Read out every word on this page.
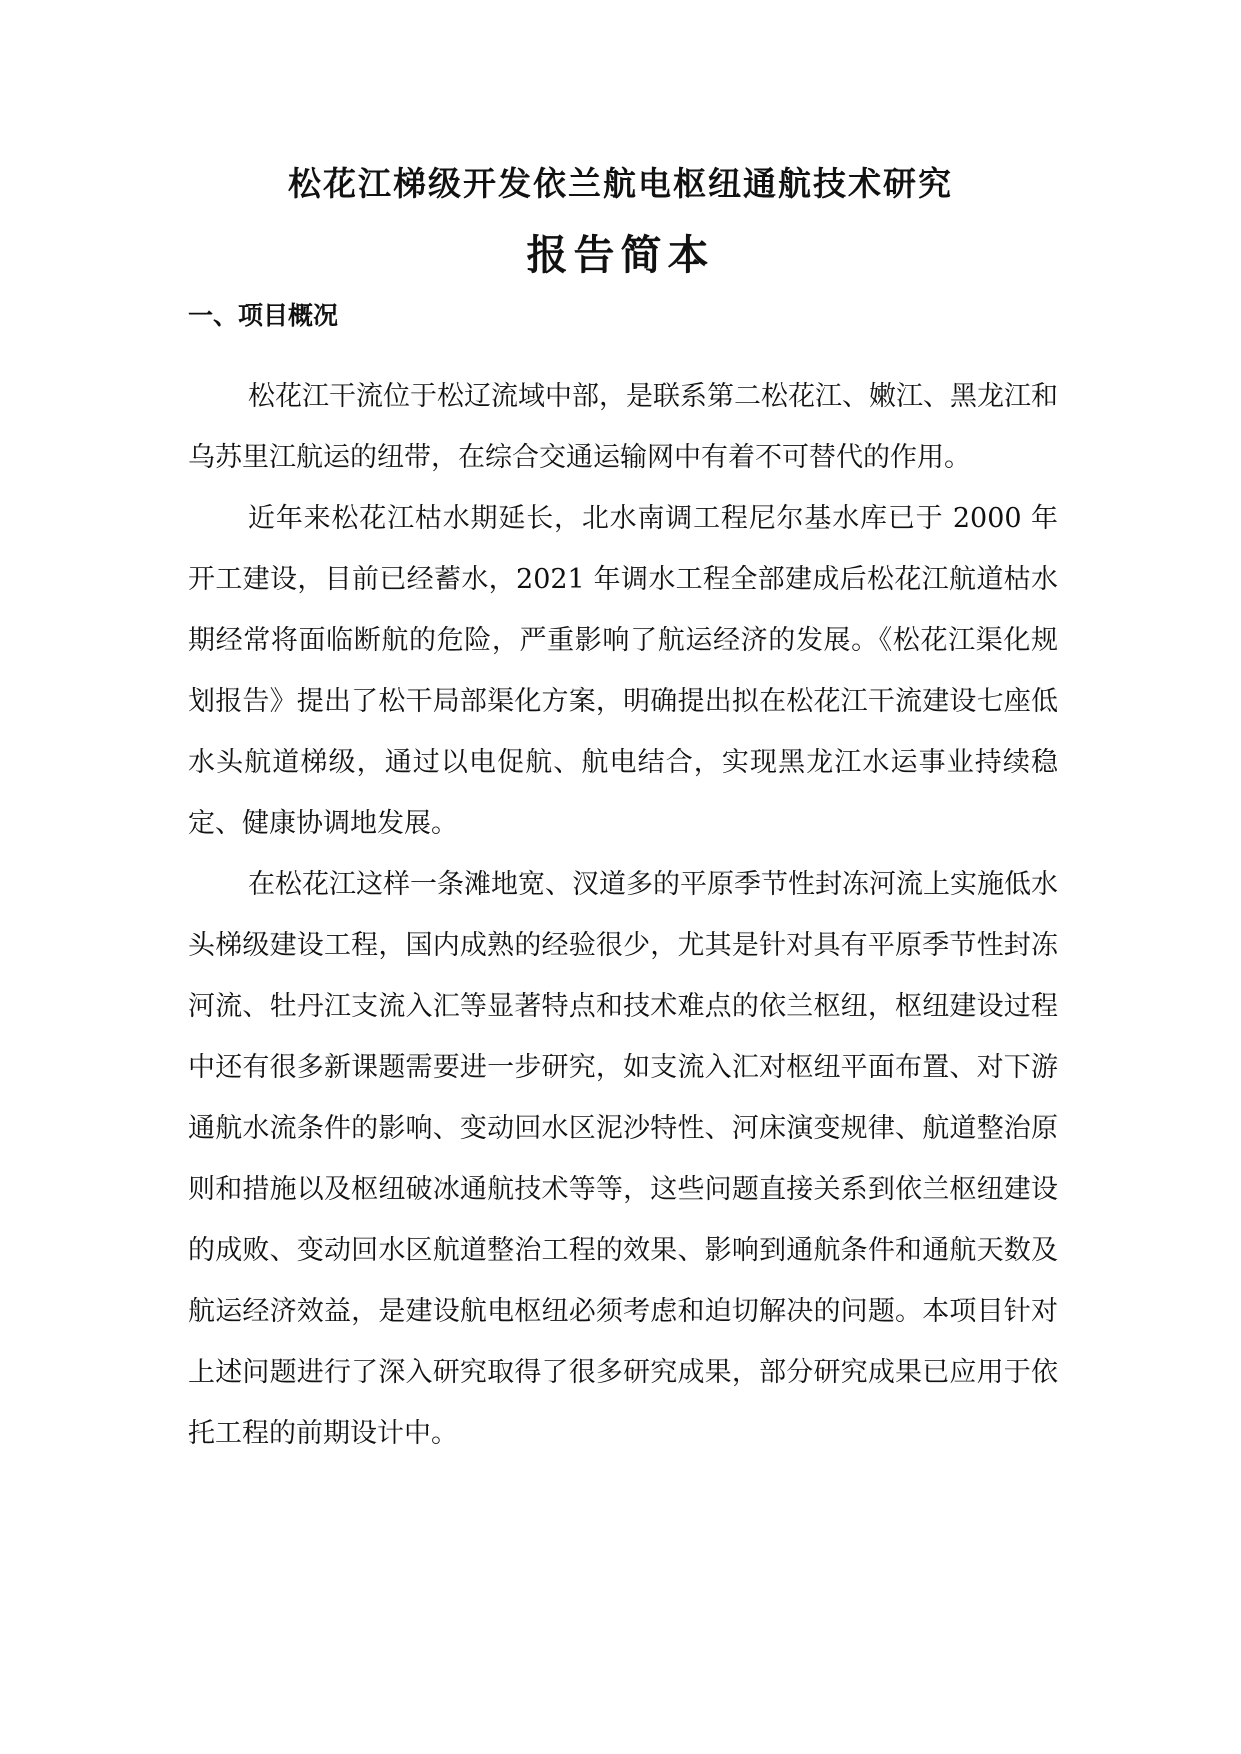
松花江梯级开发依兰航电枢纽通航技术研究
报告简本
一、项目概况

松花江干流位于松辽流域中部，是联系第二松花江、嫩江、黑龙江和乌苏里江航运的纽带，在综合交通运输网中有着不可替代的作用。

近年来松花江枯水期延长，北水南调工程尼尔基水库已于 2000 年开工建设，目前已经蓄水，2021 年调水工程全部建成后松花江航道枯水期经常将面临断航的危险，严重影响了航运经济的发展。《松花江渠化规划报告》提出了松干局部渠化方案，明确提出拟在松花江干流建设七座低水头航道梯级，通过以电促航、航电结合，实现黑龙江水运事业持续稳定、健康协调地发展。

在松花江这样一条滩地宽、汊道多的平原季节性封冻河流上实施低水头梯级建设工程，国内成熟的经验很少，尤其是针对具有平原季节性封冻河流、牡丹江支流入汇等显著特点和技术难点的依兰枢纽，枢纽建设过程中还有很多新课题需要进一步研究，如支流入汇对枢纽平面布置、对下游通航水流条件的影响、变动回水区泥沙特性、河床演变规律、航道整治原则和措施以及枢纽破冰通航技术等等，这些问题直接关系到依兰枢纽建设的成败、变动回水区航道整治工程的效果、影响到通航条件和通航天数及航运经济效益，是建设航电枢纽必须考虑和迫切解决的问题。本项目针对上述问题进行了深入研究取得了很多研究成果，部分研究成果已应用于依托工程的前期设计中。
